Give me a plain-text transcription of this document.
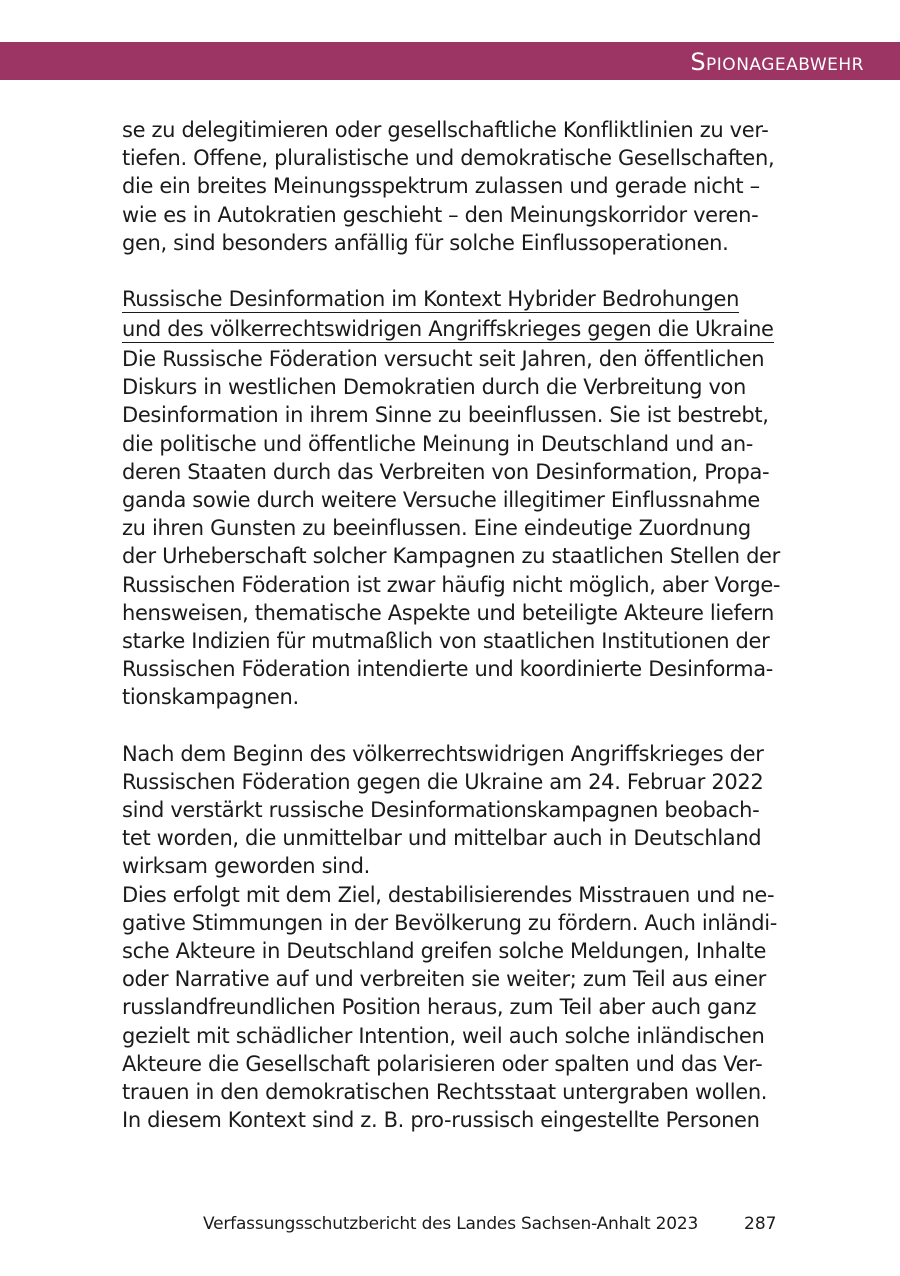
Spionageabwehr

se zu delegitimieren oder gesellschaftliche Konfliktlinien zu ver-
tiefen. Offene, pluralistische und demokratische Gesellschaften,
die ein breites Meinungsspektrum zulassen und gerade nicht –
wie es in Autokratien geschieht – den Meinungskorridor veren-
gen, sind besonders anfällig für solche Einflussoperationen.

Russische Desinformation im Kontext Hybrider Bedrohungen
und des völkerrechtswidrigen Angriffskrieges gegen die Ukraine

Die Russische Föderation versucht seit Jahren, den öffentlichen
Diskurs in westlichen Demokratien durch die Verbreitung von
Desinformation in ihrem Sinne zu beeinflussen. Sie ist bestrebt,
die politische und öffentliche Meinung in Deutschland und an-
deren Staaten durch das Verbreiten von Desinformation, Propa-
ganda sowie durch weitere Versuche illegitimer Einflussnahme
zu ihren Gunsten zu beeinflussen. Eine eindeutige Zuordnung
der Urheberschaft solcher Kampagnen zu staatlichen Stellen der
Russischen Föderation ist zwar häufig nicht möglich, aber Vorge-
hensweisen, thematische Aspekte und beteiligte Akteure liefern
starke Indizien für mutmaßlich von staatlichen Institutionen der
Russischen Föderation intendierte und koordinierte Desinforma-
tionskampagnen.

Nach dem Beginn des völkerrechtswidrigen Angriffskrieges der
Russischen Föderation gegen die Ukraine am 24. Februar 2022
sind verstärkt russische Desinformationskampagnen beobach-
tet worden, die unmittelbar und mittelbar auch in Deutschland
wirksam geworden sind.

Dies erfolgt mit dem Ziel, destabilisierendes Misstrauen und ne-
gative Stimmungen in der Bevölkerung zu fördern. Auch inländi-
sche Akteure in Deutschland greifen solche Meldungen, Inhalte
oder Narrative auf und verbreiten sie weiter; zum Teil aus einer
russlandfreundlichen Position heraus, zum Teil aber auch ganz
gezielt mit schädlicher Intention, weil auch solche inländischen
Akteure die Gesellschaft polarisieren oder spalten und das Ver-
trauen in den demokratischen Rechtsstaat untergraben wollen.
In diesem Kontext sind z. B. pro-russisch eingestellte Personen

Verfassungsschutzbericht des Landes Sachsen-Anhalt 2023	287
